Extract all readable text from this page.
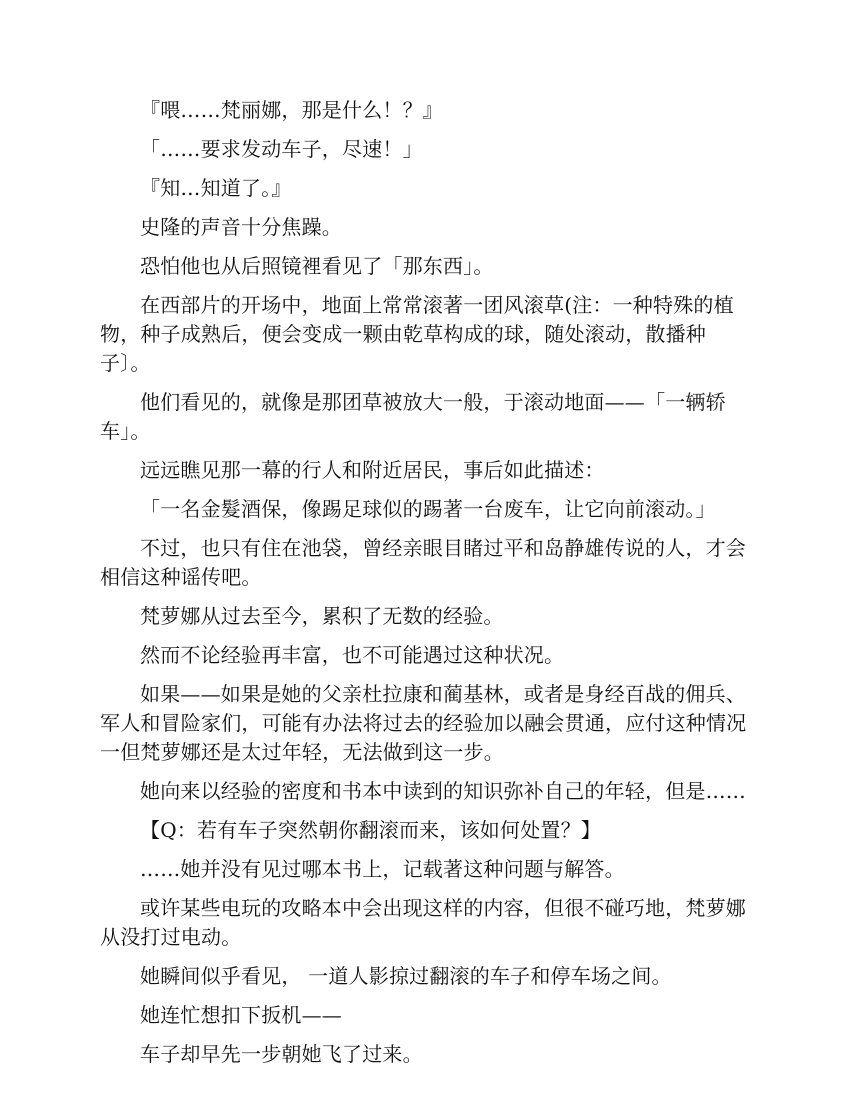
『喂……梵丽娜，那是什么！？』

「……要求发动车子，尽速！」

『知…知道了。』

史隆的声音十分焦躁。

恐怕他也从后照镜裡看见了「那东西」。

在西部片的开场中，地面上常常滚著一团风滚草(注：一种特殊的植物，种子成熟后，便会变成一颗由乾草构成的球，随处滚动，散播种子〕。

他们看见的，就像是那团草被放大一般，于滚动地面——「一辆轿车」。

远远瞧见那一幕的行人和附近居民，事后如此描述：

「一名金髮酒保，像踢足球似的踢著一台废车，让它向前滚动。」

不过，也只有住在池袋，曾经亲眼目睹过平和岛静雄传说的人，才会相信这种谣传吧。

梵萝娜从过去至今，累积了无数的经验。

然而不论经验再丰富，也不可能遇过这种状况。

如果——如果是她的父亲杜拉康和蔺基林，或者是身经百战的佣兵、军人和冒险家们，可能有办法将过去的经验加以融会贯通，应付这种情况一但梵萝娜还是太过年轻，无法做到这一步。

她向来以经验的密度和书本中读到的知识弥补自己的年轻，但是……

【Q：若有车子突然朝你翻滚而来，该如何处置？】

……她并没有见过哪本书上，记载著这种问题与解答。

或许某些电玩的攻略本中会出现这样的内容，但很不碰巧地，梵萝娜从没打过电动。

她瞬间似乎看见， 一道人影掠过翻滚的车子和停车场之间。

她连忙想扣下扳机——

车子却早先一步朝她飞了过来。
